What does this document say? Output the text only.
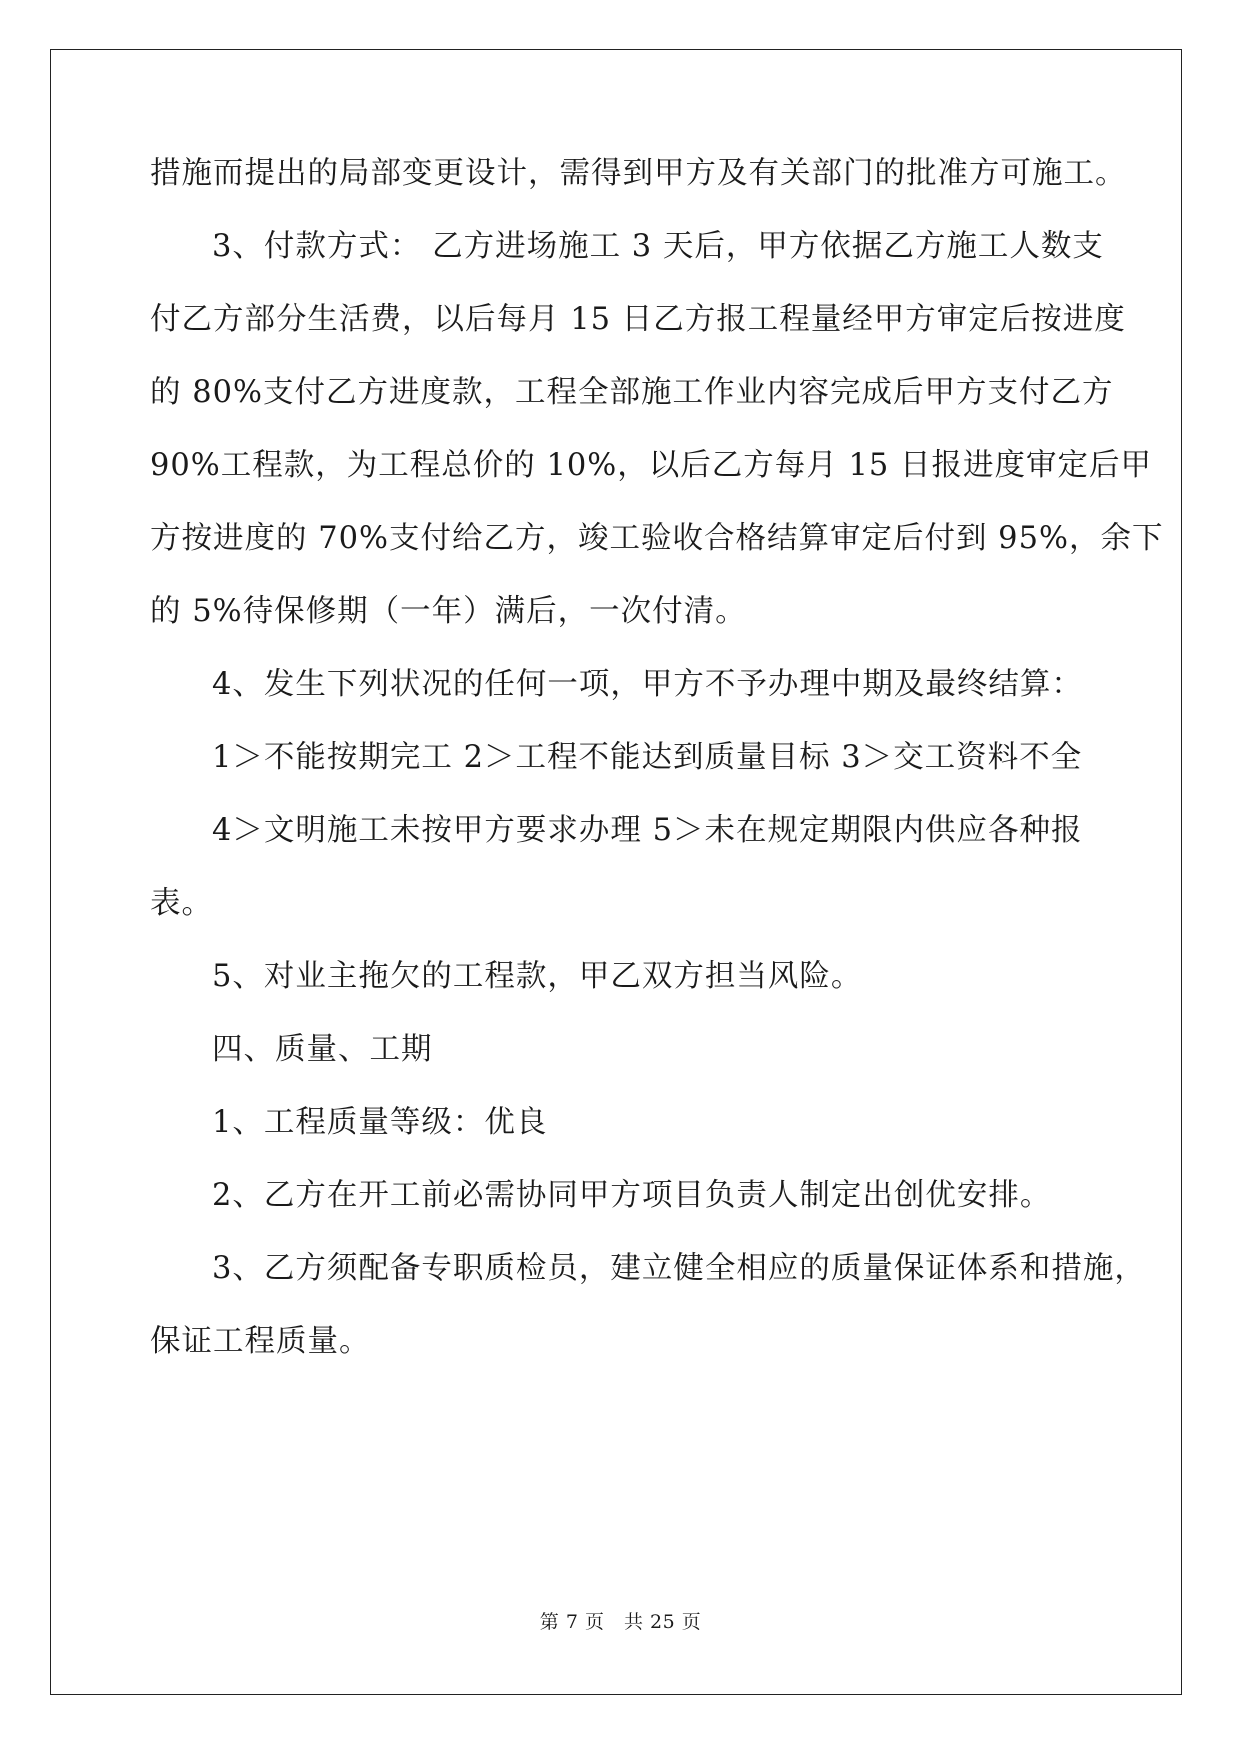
措施而提出的局部变更设计，需得到甲方及有关部门的批准方可施工。
3、付款方式： 乙方进场施工 3 天后，甲方依据乙方施工人数支
付乙方部分生活费，以后每月 15 日乙方报工程量经甲方审定后按进度
的 80%支付乙方进度款，工程全部施工作业内容完成后甲方支付乙方
90%工程款，为工程总价的 10%，以后乙方每月 15 日报进度审定后甲
方按进度的 70%支付给乙方，竣工验收合格结算审定后付到 95%，余下
的 5%待保修期（一年）满后，一次付清。
4、发生下列状况的任何一项，甲方不予办理中期及最终结算：
1＞不能按期完工 2＞工程不能达到质量目标 3＞交工资料不全
4＞文明施工未按甲方要求办理 5＞未在规定期限内供应各种报
表。
5、对业主拖欠的工程款，甲乙双方担当风险。
四、质量、工期
1、工程质量等级：优良
2、乙方在开工前必需协同甲方项目负责人制定出创优安排。
3、乙方须配备专职质检员，建立健全相应的质量保证体系和措施，
保证工程质量。
第 7 页　共 25 页
